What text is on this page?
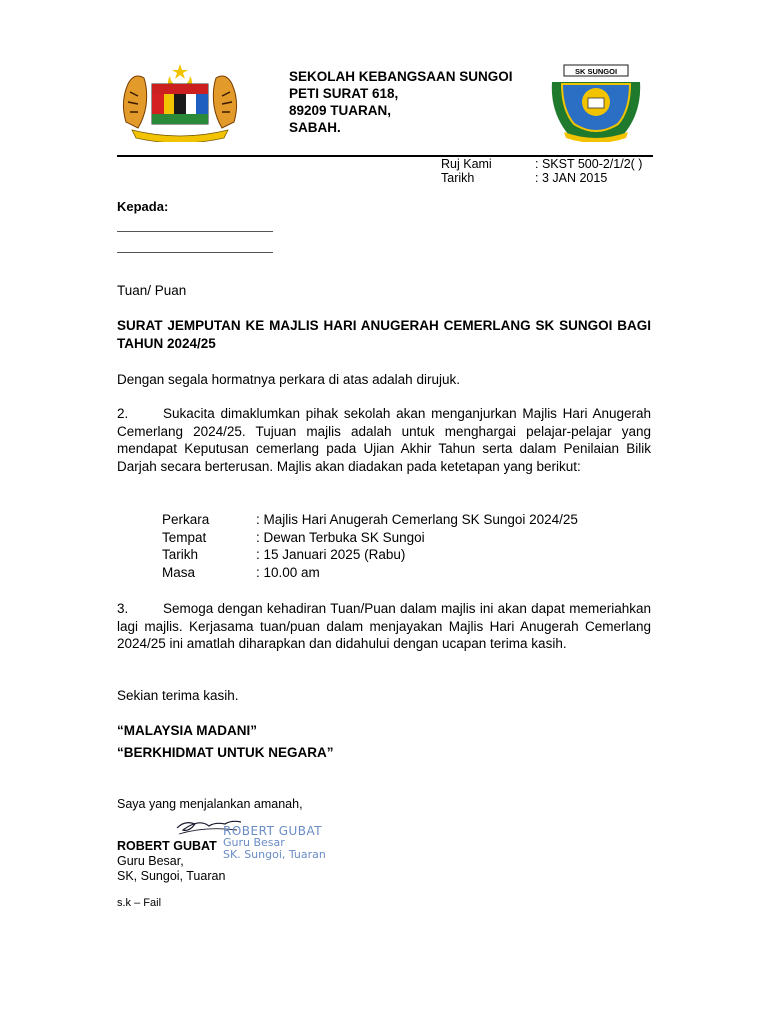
SEKOLAH KEBANGSAAN SUNGOI
PETI SURAT 618,
89209 TUARAN,
SABAH.
SK SUNGOI
Ruj Kami	: SKST 500-2/1/2( )
Tarikh	: 3 JAN 2015
Kepada:
Tuan/ Puan
SURAT JEMPUTAN KE MAJLIS HARI ANUGERAH CEMERLANG SK SUNGOI BAGI TAHUN 2024/25
Dengan segala hormatnya perkara di atas adalah dirujuk.
2.	Sukacita dimaklumkan pihak sekolah akan menganjurkan Majlis Hari Anugerah Cemerlang 2024/25. Tujuan majlis adalah untuk menghargai pelajar-pelajar yang mendapat Keputusan cemerlang pada Ujian Akhir Tahun serta dalam Penilaian Bilik Darjah secara berterusan. Majlis akan diadakan pada ketetapan yang berikut:
Perkara	: Majlis Hari Anugerah Cemerlang SK Sungoi 2024/25
Tempat	: Dewan Terbuka SK Sungoi
Tarikh	: 15 Januari 2025 (Rabu)
Masa	: 10.00 am
3.	Semoga dengan kehadiran Tuan/Puan dalam majlis ini akan dapat memeriahkan lagi majlis. Kerjasama tuan/puan dalam menjayakan Majlis Hari Anugerah Cemerlang 2024/25 ini amatlah diharapkan dan didahului dengan ucapan terima kasih.
Sekian terima kasih.
“MALAYSIA MADANI”
“BERKHIDMAT UNTUK NEGARA”
Saya yang menjalankan amanah,
ROBERT GUBAT
Guru Besar
SK. Sungoi, Tuaran
ROBERT GUBAT
Guru Besar,
SK, Sungoi, Tuaran
s.k – Fail
